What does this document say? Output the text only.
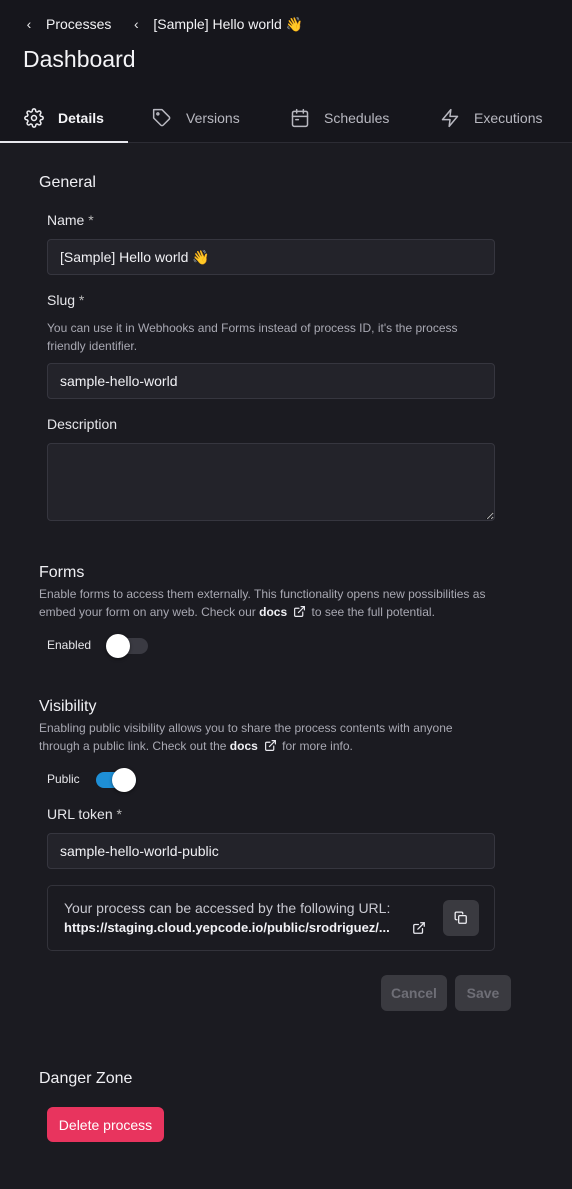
‹ Processes ‹ [Sample] Hello world 👋
Dashboard
Details	Versions	Schedules	Executions
General
Name *
[Sample] Hello world 👋
Slug *
You can use it in Webhooks and Forms instead of process ID, it's the process friendly identifier.
sample-hello-world
Description
Forms
Enable forms to access them externally. This functionality opens new possibilities as embed your form on any web. Check our docs to see the full potential.
Enabled
Visibility
Enabling public visibility allows you to share the process contents with anyone through a public link. Check out the docs for more info.
Public
URL token *
sample-hello-world-public
Your process can be accessed by the following URL:
https://staging.cloud.yepcode.io/public/srodriguez/...
Cancel	Save
Danger Zone
Delete process
